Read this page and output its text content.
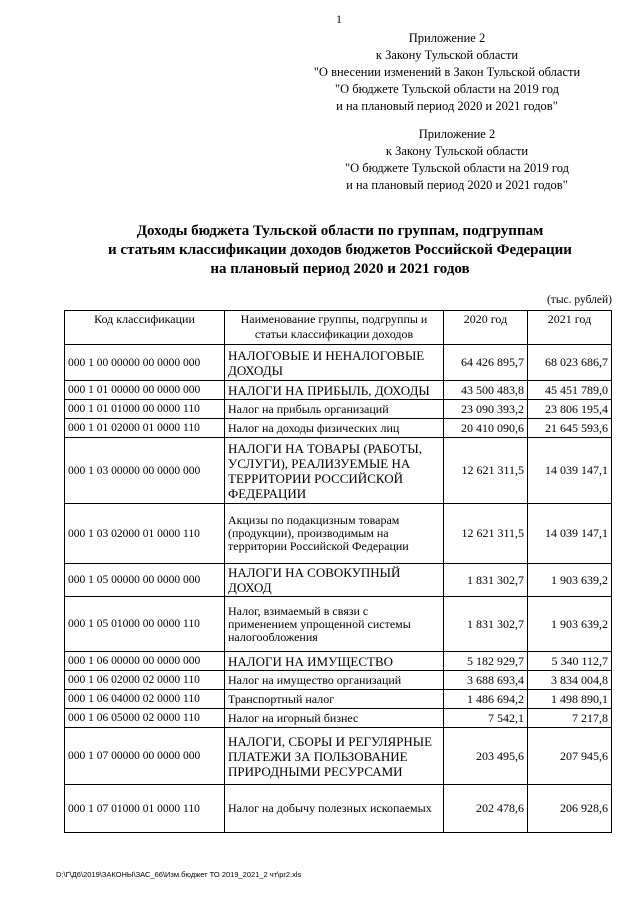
1
Приложение 2
к Закону Тульской области
"О внесении изменений в Закон Тульской области
"О бюджете Тульской области на 2019 год
и на плановый период 2020 и 2021 годов"
Приложение 2
к Закону Тульской области
"О бюджете Тульской области на 2019 год
и на плановый период 2020 и 2021 годов"
Доходы бюджета Тульской области по группам, подгруппам
и статьям классификации доходов бюджетов Российской Федерации
на плановый период 2020 и 2021 годов
(тыс. рублей)
Код классификации	Наименование группы, подгруппы и статьи классификации доходов	2020 год	2021 год
000 1 00 00000 00 0000 000	НАЛОГОВЫЕ И НЕНАЛОГОВЫЕ ДОХОДЫ	64 426 895,7	68 023 686,7
000 1 01 00000 00 0000 000	НАЛОГИ НА ПРИБЫЛЬ, ДОХОДЫ	43 500 483,8	45 451 789,0
000 1 01 01000 00 0000 110	Налог на прибыль организаций	23 090 393,2	23 806 195,4
000 1 01 02000 01 0000 110	Налог на доходы физических лиц	20 410 090,6	21 645 593,6
000 1 03 00000 00 0000 000	НАЛОГИ НА ТОВАРЫ (РАБОТЫ, УСЛУГИ), РЕАЛИЗУЕМЫЕ НА ТЕРРИТОРИИ РОССИЙСКОЙ ФЕДЕРАЦИИ	12 621 311,5	14 039 147,1
000 1 03 02000 01 0000 110	Акцизы по подакцизным товарам (продукции), производимым на территории Российской Федерации	12 621 311,5	14 039 147,1
000 1 05 00000 00 0000 000	НАЛОГИ НА СОВОКУПНЫЙ ДОХОД	1 831 302,7	1 903 639,2
000 1 05 01000 00 0000 110	Налог, взимаемый в связи с применением упрощенной системы налогообложения	1 831 302,7	1 903 639,2
000 1 06 00000 00 0000 000	НАЛОГИ НА ИМУЩЕСТВО	5 182 929,7	5 340 112,7
000 1 06 02000 02 0000 110	Налог на имущество организаций	3 688 693,4	3 834 004,8
000 1 06 04000 02 0000 110	Транспортный налог	1 486 694,2	1 498 890,1
000 1 06 05000 02 0000 110	Налог на игорный бизнес	7 542,1	7 217,8
000 1 07 00000 00 0000 000	НАЛОГИ, СБОРЫ И РЕГУЛЯРНЫЕ ПЛАТЕЖИ ЗА ПОЛЬЗОВАНИЕ ПРИРОДНЫМИ РЕСУРСАМИ	203 495,6	207 945,6
000 1 07 01000 01 0000 110	Налог на добычу полезных ископаемых	202 478,6	206 928,6
D:\Г\Д6\2019\ЗАКОНЫ\ЗАС_66\Изм.бюджет ТО 2019_2021_2 чт\pr2.xls
